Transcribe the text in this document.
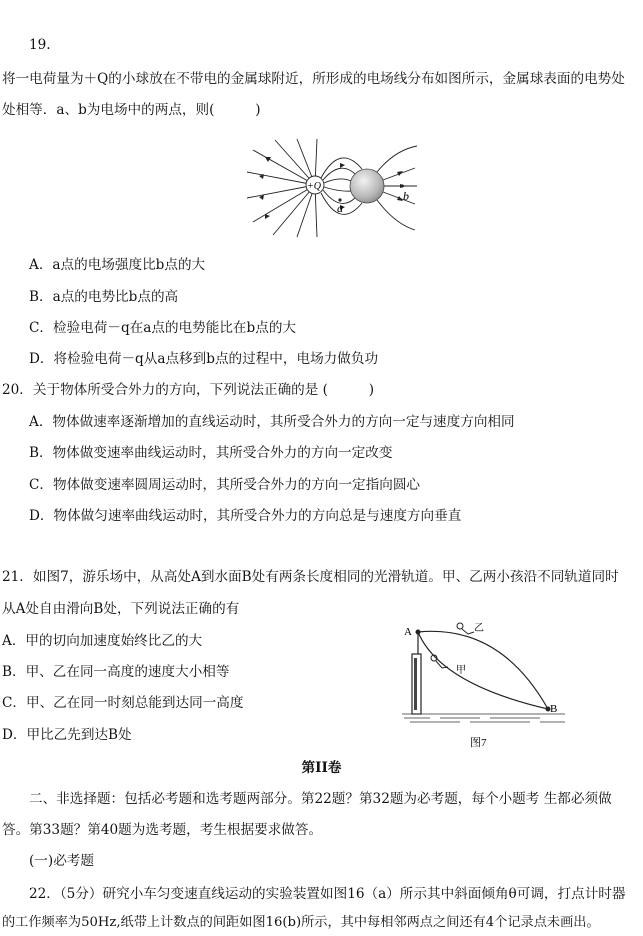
19.
将一电荷量为＋Q的小球放在不带电的金属球附近，所形成的电场线分布如图所示，金属球表面的电势处
处相等．a、b为电场中的两点，则(　　　)
+Q
a
b
A．a点的电场强度比b点的大
B．a点的电势比b点的高
C．检验电荷－q在a点的电势能比在b点的大
D．将检验电荷－q从a点移到b点的过程中，电场力做负功
20．关于物体所受合外力的方向，下列说法正确的是 (　　　)
A．物体做速率逐渐增加的直线运动时，其所受合外力的方向一定与速度方向相同
B．物体做变速率曲线运动时，其所受合外力的方向一定改变
C．物体做变速率圆周运动时，其所受合外力的方向一定指向圆心
D．物体做匀速率曲线运动时，其所受合外力的方向总是与速度方向垂直
21．如图7，游乐场中，从高处A到水面B处有两条长度相同的光滑轨道。甲、乙两小孩沿不同轨道同时
从A处自由滑向B处，下列说法正确的有
A．甲的切向加速度始终比乙的大
B．甲、乙在同一高度的速度大小相等
C．甲、乙在同一时刻总能到达同一高度
D．甲比乙先到达B处
A
B
乙
甲
图7
第II卷
二、非选择题：包括必考题和选考题两部分。第22题？第32题为必考题，每个小题考 生都必须做
答。第33题？第40题为选考题，考生根据要求做答。
(一)必考题
22．（5分）研究小车匀变速直线运动的实验装置如图16（a）所示其中斜面倾角θ可调，打点计时器
的工作频率为50Hz,纸带上计数点的间距如图16(b)所示，其中每相邻两点之间还有4个记录点未画出。
